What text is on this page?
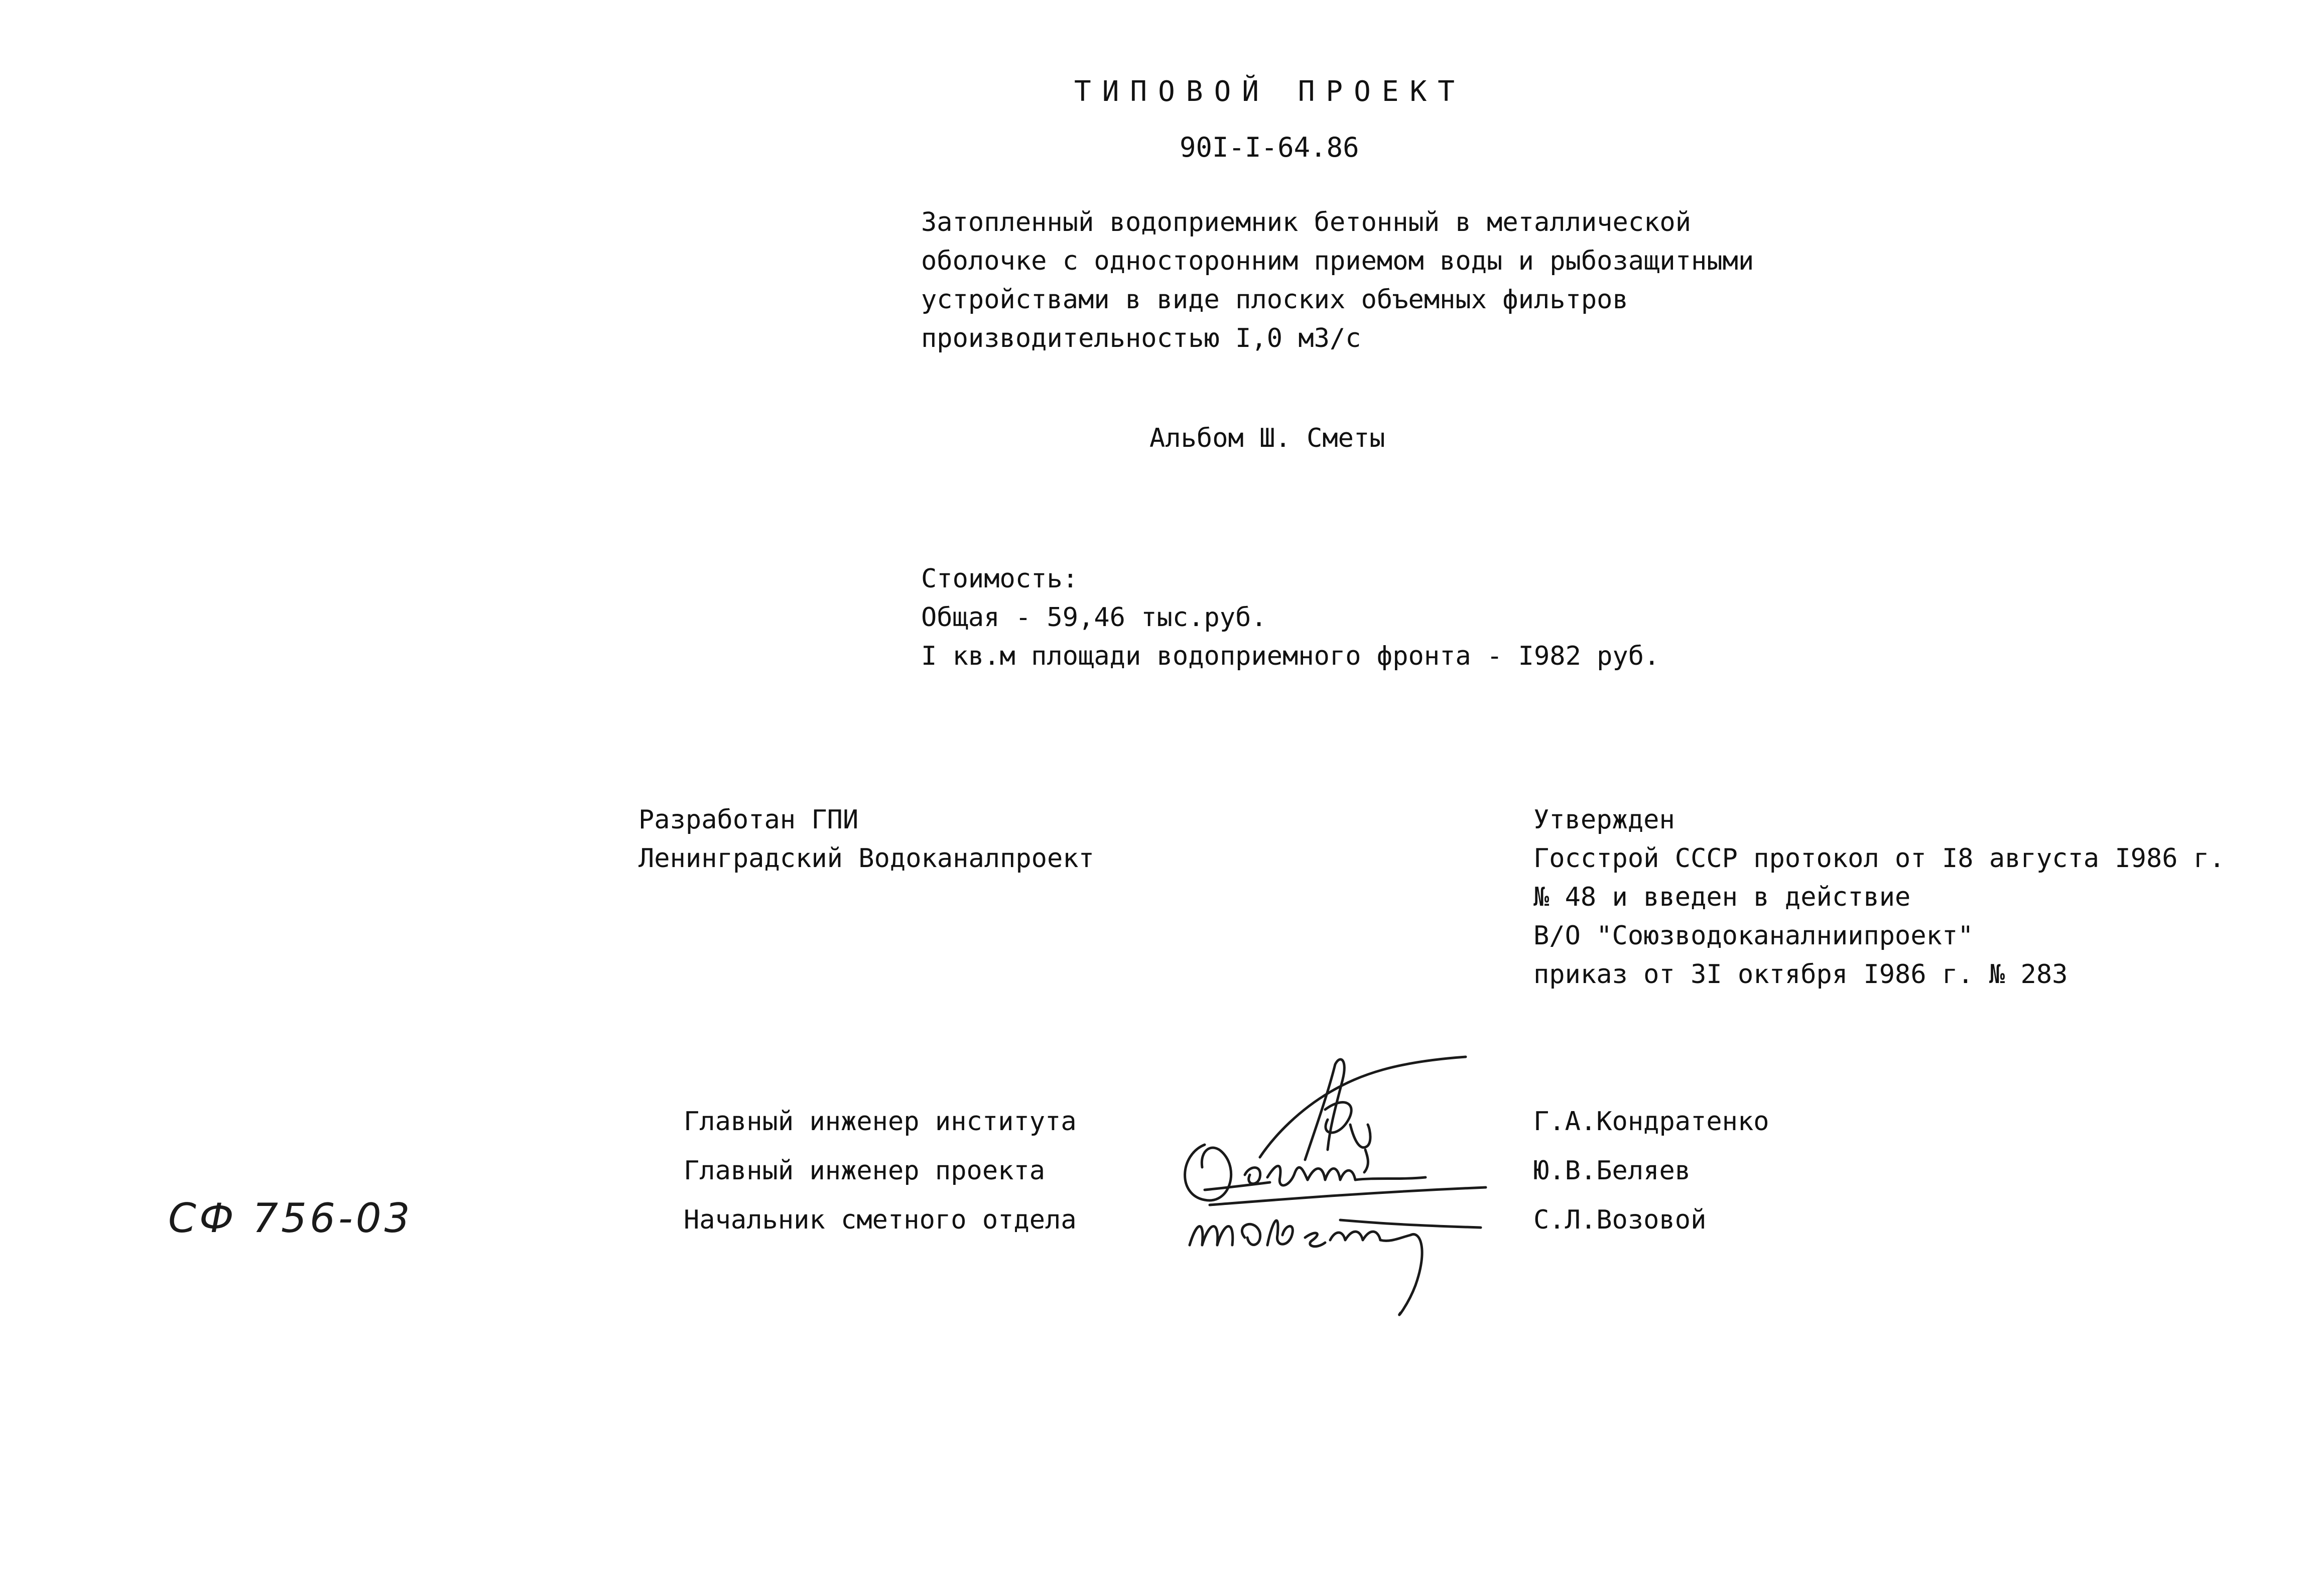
ТИПОВОЙ ПРОЕКТ
90I-I-64.86
Затопленный водоприемник бетонный в металлической
оболочке с односторонним приемом воды и рыбозащитными
устройствами в виде плоских объемных фильтров
производительностью I,0 м3/с
Альбом Ш. Сметы
Стоимость:
Общая - 59,46 тыс.руб.
I кв.м площади водоприемного фронта - I982 руб.
Разработан ГПИ
Ленинградский Водоканалпроект
Утвержден
Госстрой СССР протокол от I8 августа I986 г.
№ 48 и введен в действие
В/О "Союзводоканалниипроект"
приказ от 3I октября I986 г. № 283
Главный инженер института
Главный инженер проекта
Начальник сметного отдела
Г.А.Кондратенко
Ю.В.Беляев
С.Л.Возовой
СФ 756-03
